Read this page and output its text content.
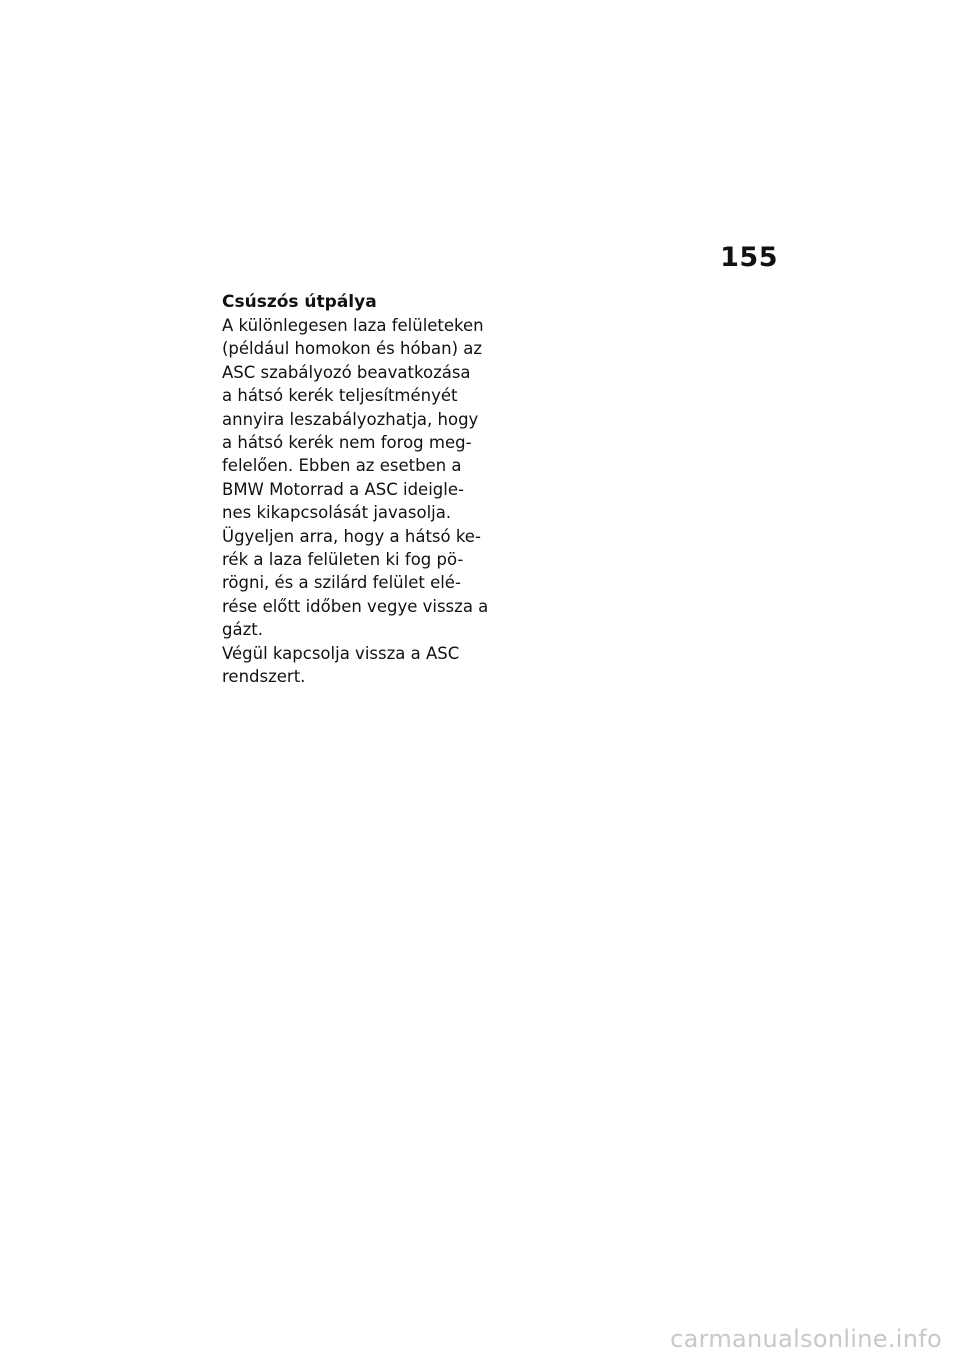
155
Csúszós útpálya
A különlegesen laza felületeken
(például homokon és hóban) az
ASC szabályozó beavatkozása
a hátsó kerék teljesítményét
annyira leszabályozhatja, hogy
a hátsó kerék nem forog meg-
felelően. Ebben az esetben a
BMW Motorrad a ASC ideigle-
nes kikapcsolását javasolja.
Ügyeljen arra, hogy a hátsó ke-
rék a laza felületen ki fog pö-
rögni, és a szilárd felület elé-
rése előtt időben vegye vissza a
gázt.
Végül kapcsolja vissza a ASC
rendszert.
carmanualsonline.info
